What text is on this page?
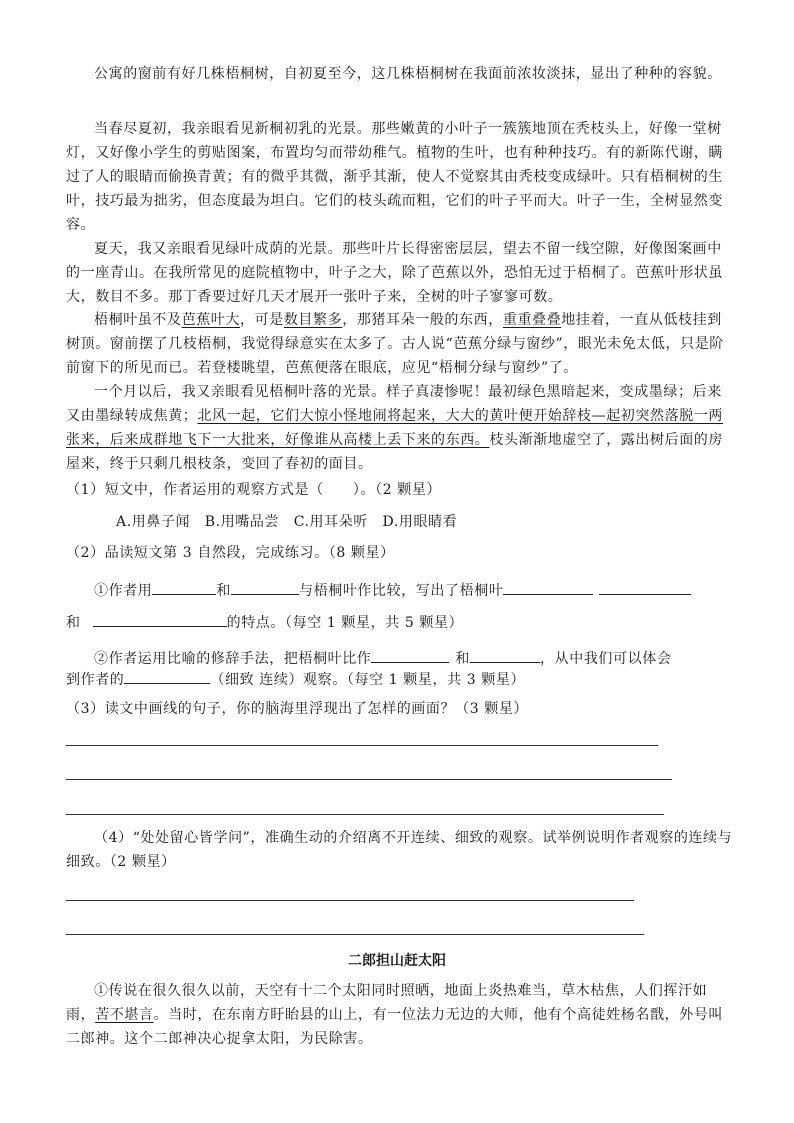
公寓的窗前有好几株梧桐树，自初夏至今，这几株梧桐树在我面前浓妆淡抹，显出了种种的容貌。

当春尽夏初，我亲眼看见新桐初乳的光景。那些嫩黄的小叶子一簇簇地顶在秃枝头上，好像一堂树灯，又好像小学生的剪贴图案，布置均匀而带幼稚气。植物的生叶，也有种种技巧。有的新陈代谢，瞒过了人的眼睛而偷换青黄；有的微乎其微，渐乎其渐，使人不觉察其由秃枝变成绿叶。只有梧桐树的生叶，技巧最为拙劣，但态度最为坦白。它们的枝头疏而粗，它们的叶子平而大。叶子一生，全树显然变容。

夏天，我又亲眼看见绿叶成荫的光景。那些叶片长得密密层层，望去不留一线空隙，好像图案画中的一座青山。在我所常见的庭院植物中，叶子之大，除了芭蕉以外，恐怕无过于梧桐了。芭蕉叶形状虽大，数目不多。那丁香要过好几天才展开一张叶子来，全树的叶子寥寥可数。

梧桐叶虽不及芭蕉叶大，可是数目繁多，那猪耳朵一般的东西，重重叠叠地挂着，一直从低枝挂到树顶。窗前摆了几枝梧桐，我觉得绿意实在太多了。古人说“芭蕉分绿与窗纱”，眼光未免太低，只是阶前窗下的所见而已。若登楼眺望，芭蕉便落在眼底，应见“梧桐分绿与窗纱”了。

一个月以后，我又亲眼看见梧桐叶落的光景。样子真凄惨呢！最初绿色黑暗起来，变成墨绿；后来又由墨绿转成焦黄；北风一起，它们大惊小怪地闹将起来，大大的黄叶便开始辞枝—起初突然落脱一两张来，后来成群地飞下一大批来，好像谁从高楼上丢下来的东西。枝头渐渐地虚空了，露出树后面的房屋来，终于只剩几根枝条，变回了春初的面目。

（1）短文中，作者运用的观察方式是（　　）。（2 颗星）
A.用鼻子闻　B.用嘴品尝　C.用耳朵听　D.用眼睛看
（2）品读短文第 3 自然段，完成练习。（8 颗星）
①作者用	和	与梧桐叶作比较，写出了梧桐叶
和	的特点。（每空 1 颗星，共 5 颗星）
②作者运用比喻的修辞手法，把梧桐叶比作	和	，从中我们可以体会
到作者的	（细致 连续）观察。（每空 1 颗星，共 3 颗星）
（3）读文中画线的句子，你的脑海里浮现出了怎样的画面？（3 颗星）

（4）“处处留心皆学问”，准确生动的介绍离不开连续、细致的观察。试举例说明作者观察的连续与细致。（2 颗星）

二郎担山赶太阳

①传说在很久很久以前，天空有十二个太阳同时照晒，地面上炎热难当，草木枯焦，人们挥汗如雨，苦不堪言。当时，在东南方盱眙县的山上，有一位法力无边的大师，他有个高徒姓杨名戬，外号叫二郎神。这个二郎神决心捉拿太阳，为民除害。
